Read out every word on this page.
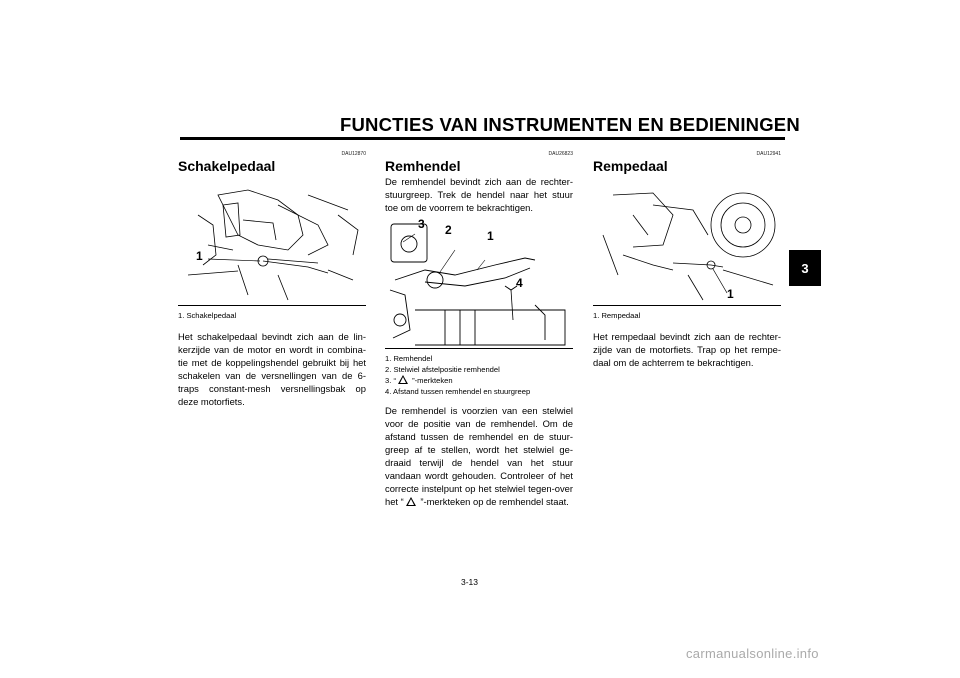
FUNCTIES VAN INSTRUMENTEN EN BEDIENINGEN
3
DAU12870
Schakelpedaal
1
1. Schakelpedaal
Het schakelpedaal bevindt zich aan de lin-kerzijde van de motor en wordt in combina-tie met de koppelingshendel gebruikt bij het schakelen van de versnellingen van de 6-traps constant-mesh versnellingsbak op deze motorfiets.
DAU26823
Remhendel
De remhendel bevindt zich aan de rechter-stuurgreep. Trek de hendel naar het stuur toe om de voorrem te bekrachtigen.
3 2	1
4
1. Remhendel
2. Stelwiel afstelpositie remhendel
3. “ ”-merkteken
4. Afstand tussen remhendel en stuurgreep
De remhendel is voorzien van een stelwiel voor de positie van de remhendel. Om de afstand tussen de remhendel en de stuur-greep af te stellen, wordt het stelwiel ge-draaid terwijl de hendel van het stuur vandaan wordt gehouden. Controleer of het correcte instelpunt op het stelwiel tegen-over het “ ”-merkteken op de remhendel staat.
DAU12941
Rempedaal
1
1. Rempedaal
Het rempedaal bevindt zich aan de rechter-zijde van de motorfiets. Trap op het rempe-daal om de achterrem te bekrachtigen.
3-13
carmanualsonline.info
